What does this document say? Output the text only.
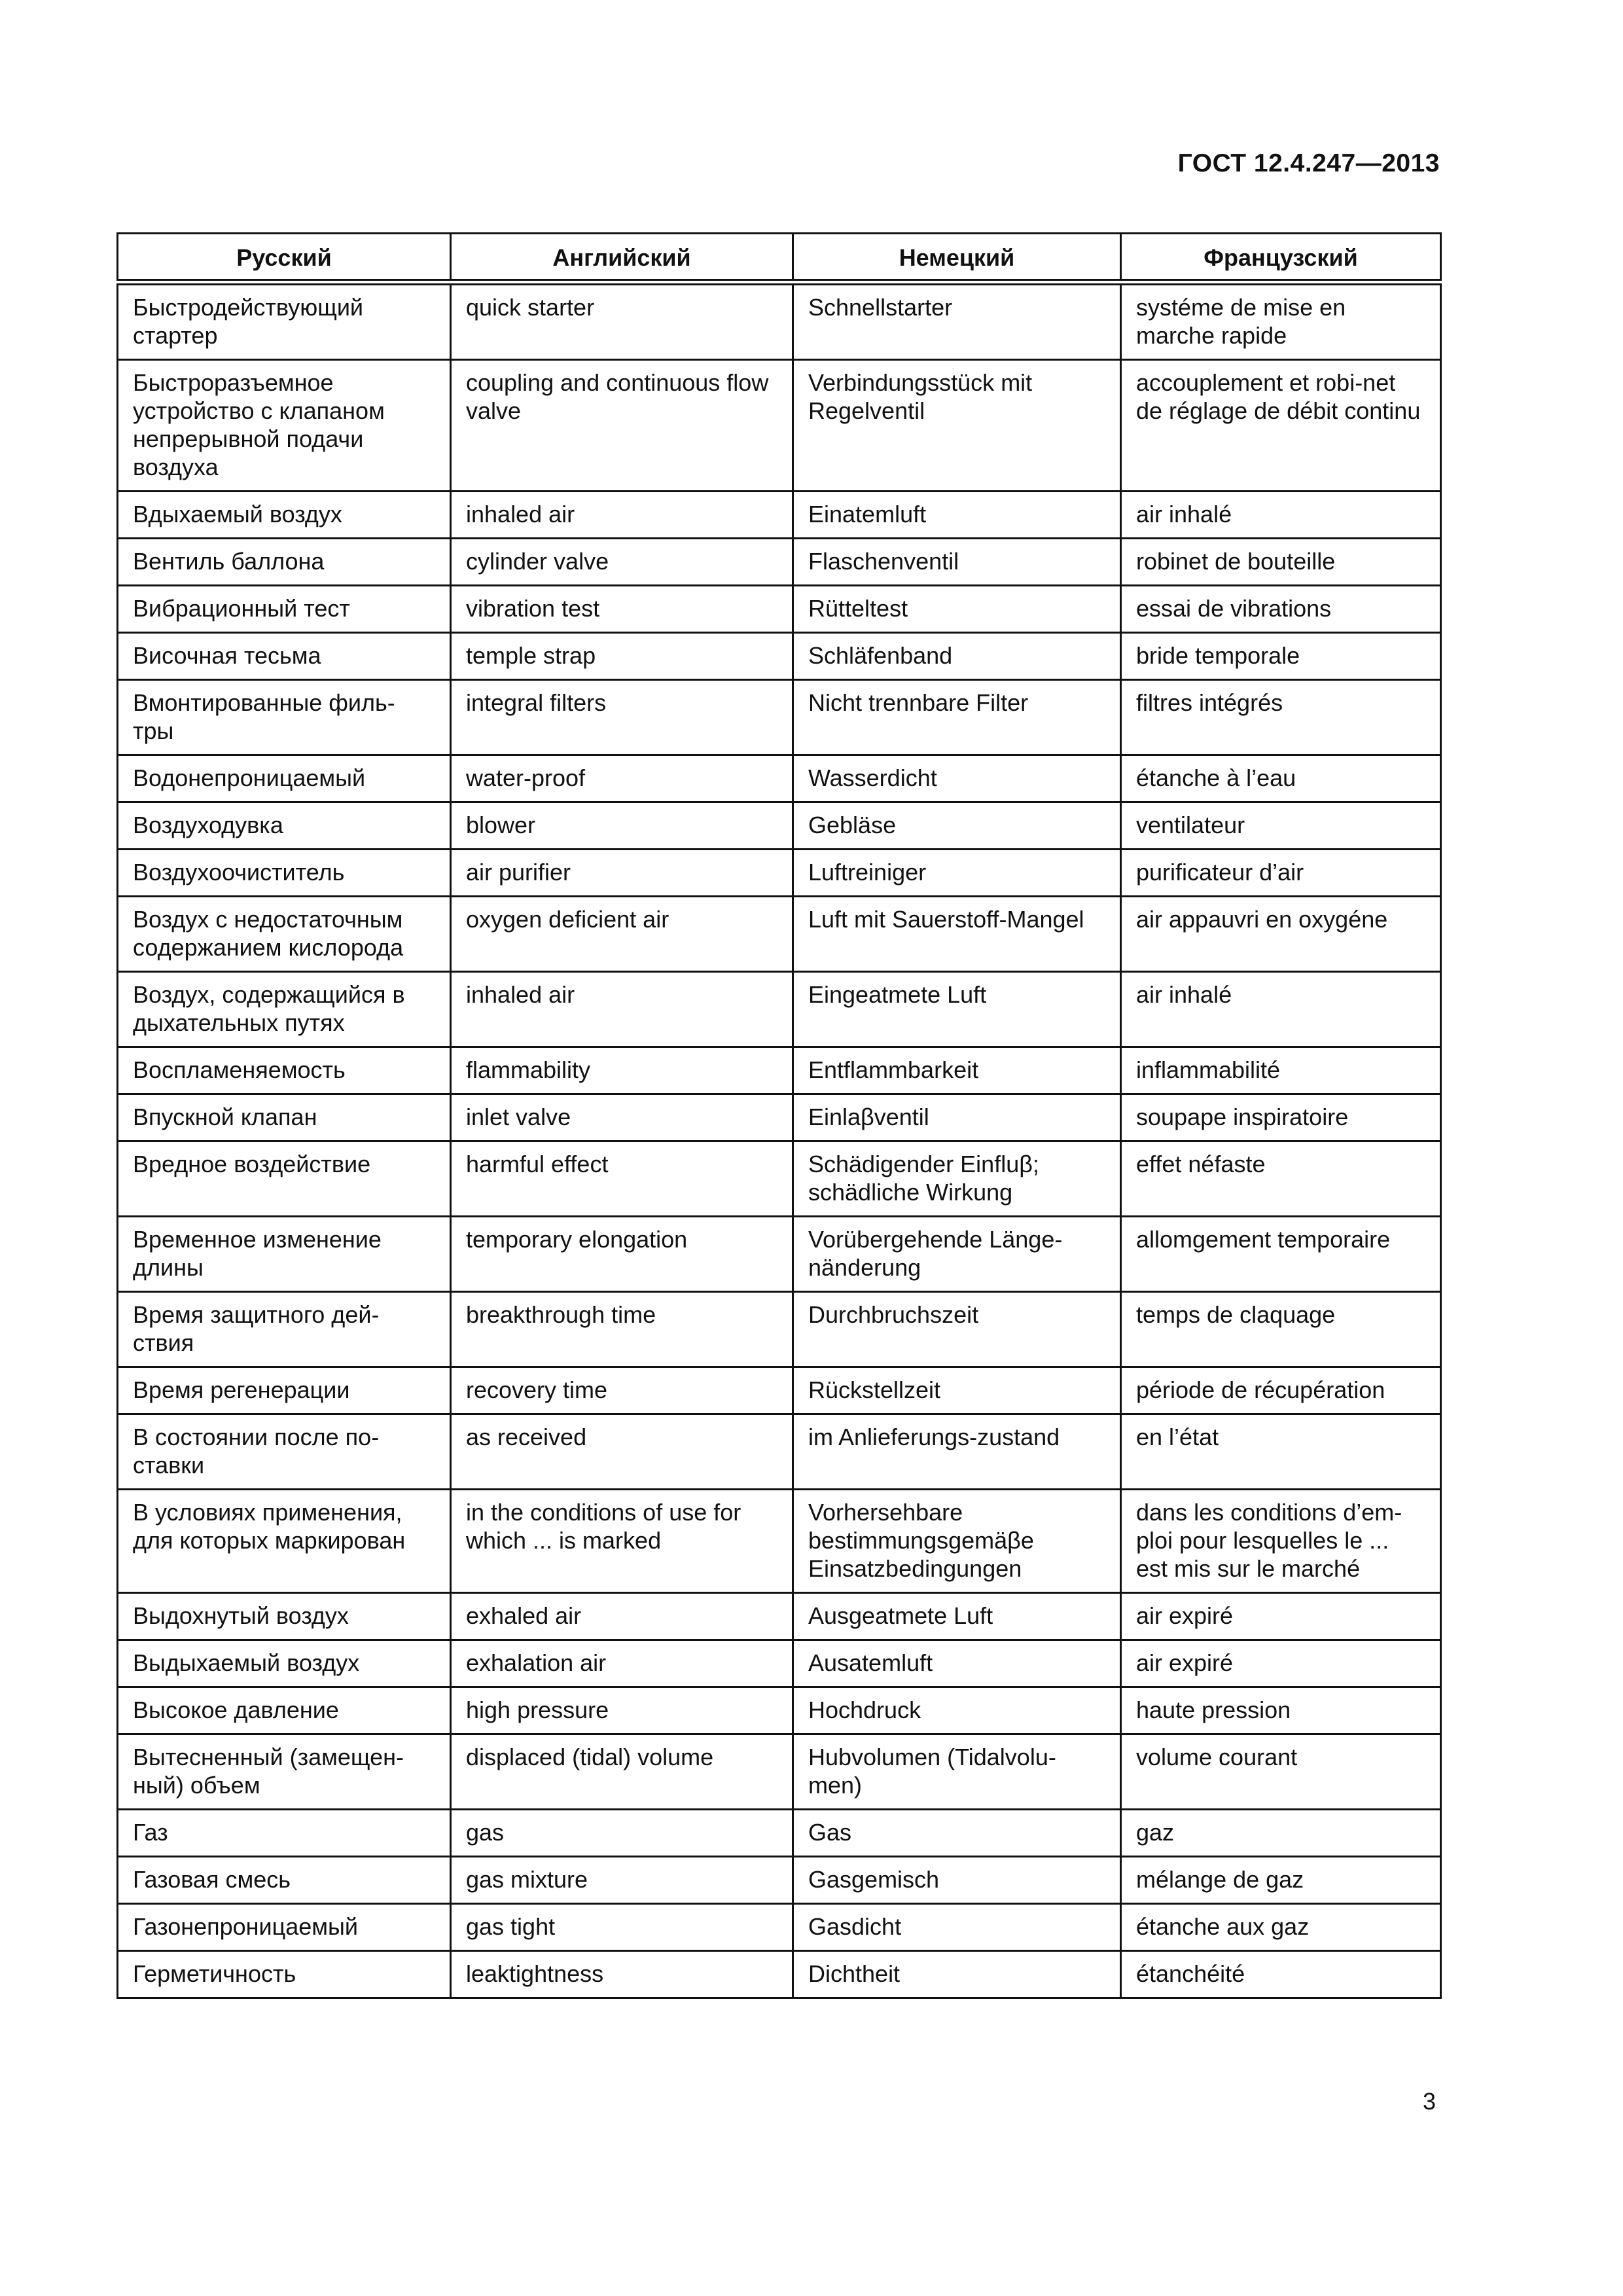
ГОСТ 12.4.247—2013
Русский	Английский	Немецкий	Французский
Быстродействующий стартер	quick starter	Schnellstarter	systéme de mise en marche rapide
Быстроразъемное устройство с клапаном непрерывной подачи воздуха	coupling and continuous flow valve	Verbindungsstück mit Regelventil	accouplement et robi-net de réglage de débit continu
Вдыхаемый воздух	inhaled air	Einatemluft	air inhalé
Вентиль баллона	cylinder valve	Flaschenventil	robinet de bouteille
Вибрационный тест	vibration test	Rütteltest	essai de vibrations
Височная тесьма	temple strap	Schläfenband	bride temporale
Вмонтированные филь-тры	integral filters	Nicht trennbare Filter	filtres intégrés
Водонепроницаемый	water-proof	Wasserdicht	étanche à l’eau
Воздуходувка	blower	Gebläse	ventilateur
Воздухоочиститель	air purifier	Luftreiniger	purificateur d’air
Воздух с недостаточным содержанием кислорода	oxygen deficient air	Luft mit Sauerstoff-Mangel	air appauvri en oxygéne
Воздух, содержащийся в дыхательных путях	inhaled air	Eingeatmete Luft	air inhalé
Воспламеняемость	flammability	Entflammbarkeit	inflammabilité
Впускной клапан	inlet valve	Einlaβventil	soupape inspiratoire
Вредное воздействие	harmful effect	Schädigender Einfluβ; schädliche Wirkung	effet néfaste
Временное изменение длины	temporary elongation	Vorübergehende Länge-nänderung	allomgement temporaire
Время защитного дей-ствия	breakthrough time	Durchbruchszeit	temps de claquage
Время регенерации	recovery time	Rückstellzeit	période de récupération
В состоянии после по-ставки	as received	im Anlieferungs-zustand	en l’état
В условиях применения, для которых маркирован	in the conditions of use for which ... is marked	Vorhersehbare bestimmungsgemäβe Einsatzbedingungen	dans les conditions d’em-ploi pour lesquelles le ... est mis sur le marché
Выдохнутый воздух	exhaled air	Ausgeatmete Luft	air expiré
Выдыхаемый воздух	exhalation air	Ausatemluft	air expiré
Высокое давление	high pressure	Hochdruck	haute pression
Вытесненный (замещен-ный) объем	displaced (tidal) volume	Hubvolumen (Tidalvolu-men)	volume courant
Газ	gas	Gas	gaz
Газовая смесь	gas mixture	Gasgemisch	mélange de gaz
Газонепроницаемый	gas tight	Gasdicht	étanche aux gaz
Герметичность	leaktightness	Dichtheit	étanchéité
3
